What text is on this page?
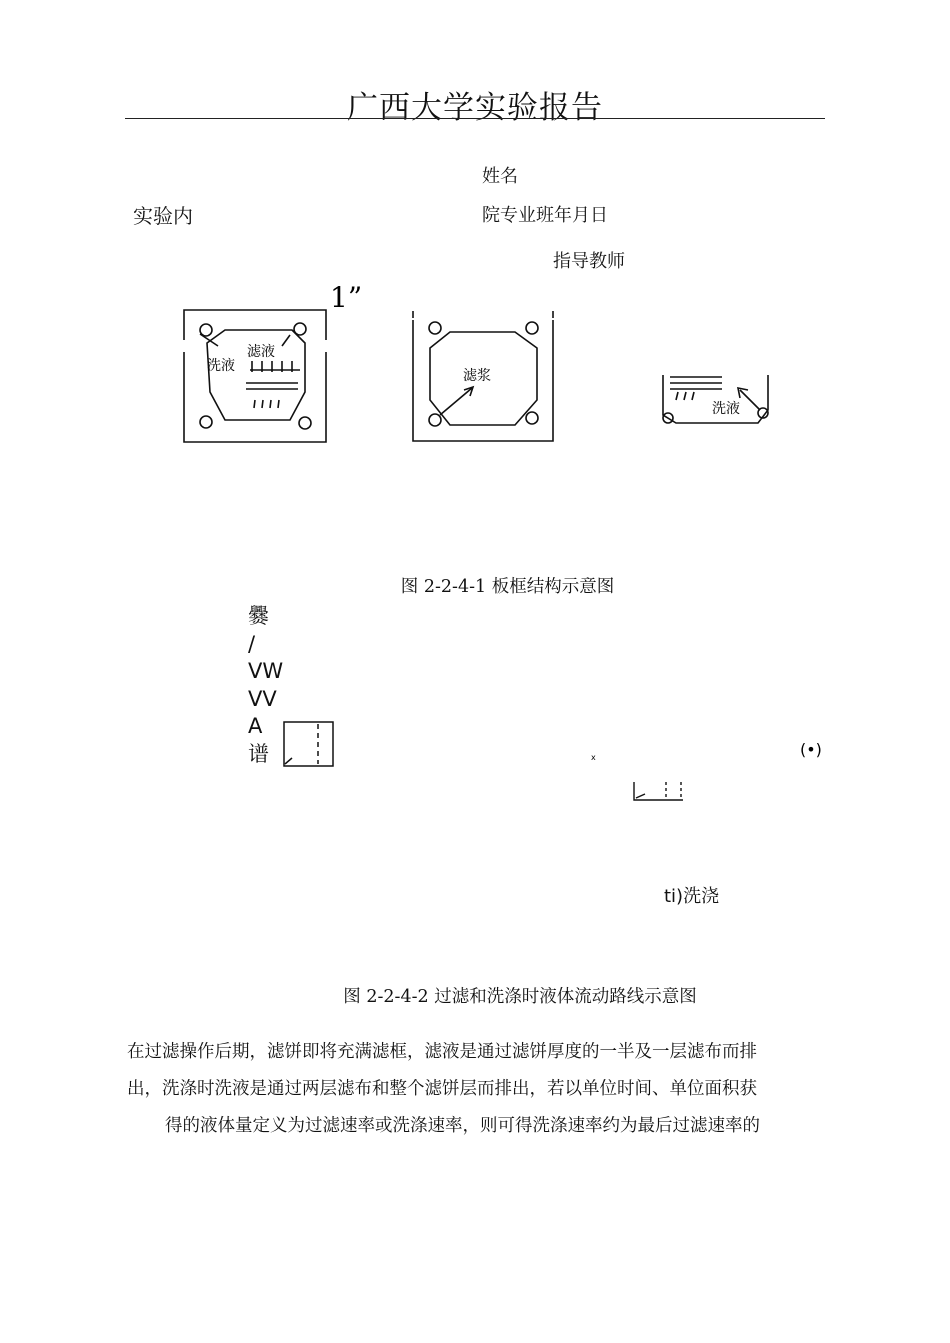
广西大学实验报告
姓名
实验内	院专业班年月日
指导教师
1”
洗液
滤液
滤浆
洗液
图 2-2-4-1 板框结构示意图
爨
/
VW
VV
A
谱	x	(•)
ti)洗浇
图 2-2-4-2 过滤和洗涤时液体流动路线示意图

在过滤操作后期，滤饼即将充满滤框，滤液是通过滤饼厚度的一半及一层滤布而排

出，洗涤时洗液是通过两层滤布和整个滤饼层而排出，若以单位时间、单位面积获

得的液体量定义为过滤速率或洗涤速率，则可得洗涤速率约为最后过滤速率的
